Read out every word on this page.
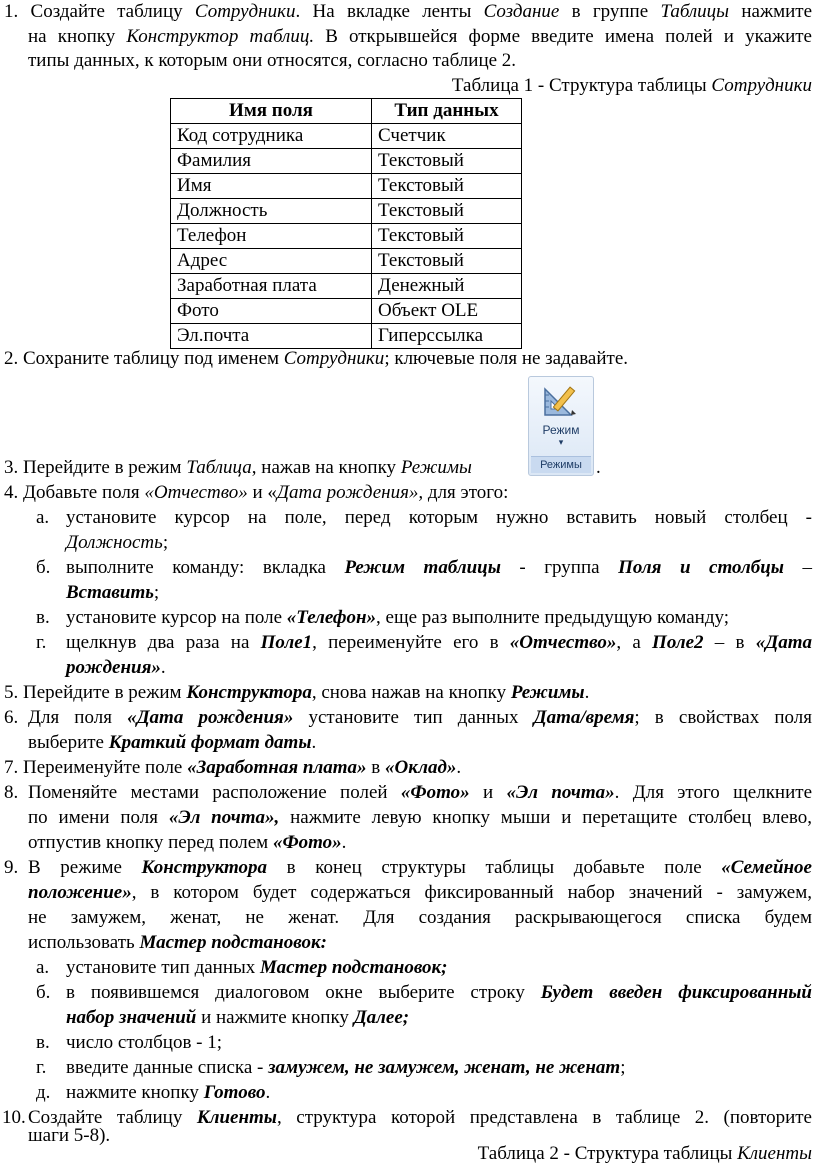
1. Создайте таблицу Сотрудники. На вкладке ленты Создание в группе Таблицы нажмите
на кнопку Конструктор таблиц. В открывшейся форме введите имена полей и укажите
типы данных, к которым они относятся, согласно таблице 2.
Таблица 1 - Структура таблицы Сотрудники
Имя поля	Тип данных
Код сотрудника	Счетчик
Фамилия	Текстовый
Имя	Текстовый
Должность	Текстовый
Телефон	Текстовый
Адрес	Текстовый
Заработная плата	Денежный
Фото	Объект OLE
Эл.почта	Гиперссылка
2. Сохраните таблицу под именем Сотрудники; ключевые поля не задавайте.
Режим
▾
Режимы
3. Перейдите в режим Таблица, нажав на кнопку Режимы	.
4. Добавьте поля «Отчество» и «Дата рождения», для этого:
а. установите курсор на поле, перед которым нужно вставить новый столбец -
Должность;
б. выполните команду: вкладка Режим таблицы - группа Поля и столбцы –
Вставить;
в. установите курсор на поле «Телефон», еще раз выполните предыдущую команду;
г. щелкнув два раза на Поле1, переименуйте его в «Отчество», а Поле2 – в «Дата
рождения».
5. Перейдите в режим Конструктора, снова нажав на кнопку Режимы.
6. Для поля «Дата рождения» установите тип данных Дата/время; в свойствах поля
выберите Краткий формат даты.
7. Переименуйте поле «Заработная плата» в «Оклад».
8. Поменяйте местами расположение полей «Фото» и «Эл почта». Для этого щелкните
по имени поля «Эл почта», нажмите левую кнопку мыши и перетащите столбец влево,
отпустив кнопку перед полем «Фото».
9. В режиме Конструктора в конец структуры таблицы добавьте поле «Семейное
положение», в котором будет содержаться фиксированный набор значений - замужем,
не замужем, женат, не женат. Для создания раскрывающегося списка будем
использовать Мастер подстановок:
а. установите тип данных Мастер подстановок;
б. в появившемся диалоговом окне выберите строку Будет введен фиксированный
набор значений и нажмите кнопку Далее;
в. число столбцов - 1;
г. введите данные списка - замужем, не замужем, женат, не женат;
д. нажмите кнопку Готово.
10. Создайте таблицу Клиенты, структура которой представлена в таблице 2. (повторите
шаги 5-8).
Таблица 2 - Структура таблицы Клиенты
